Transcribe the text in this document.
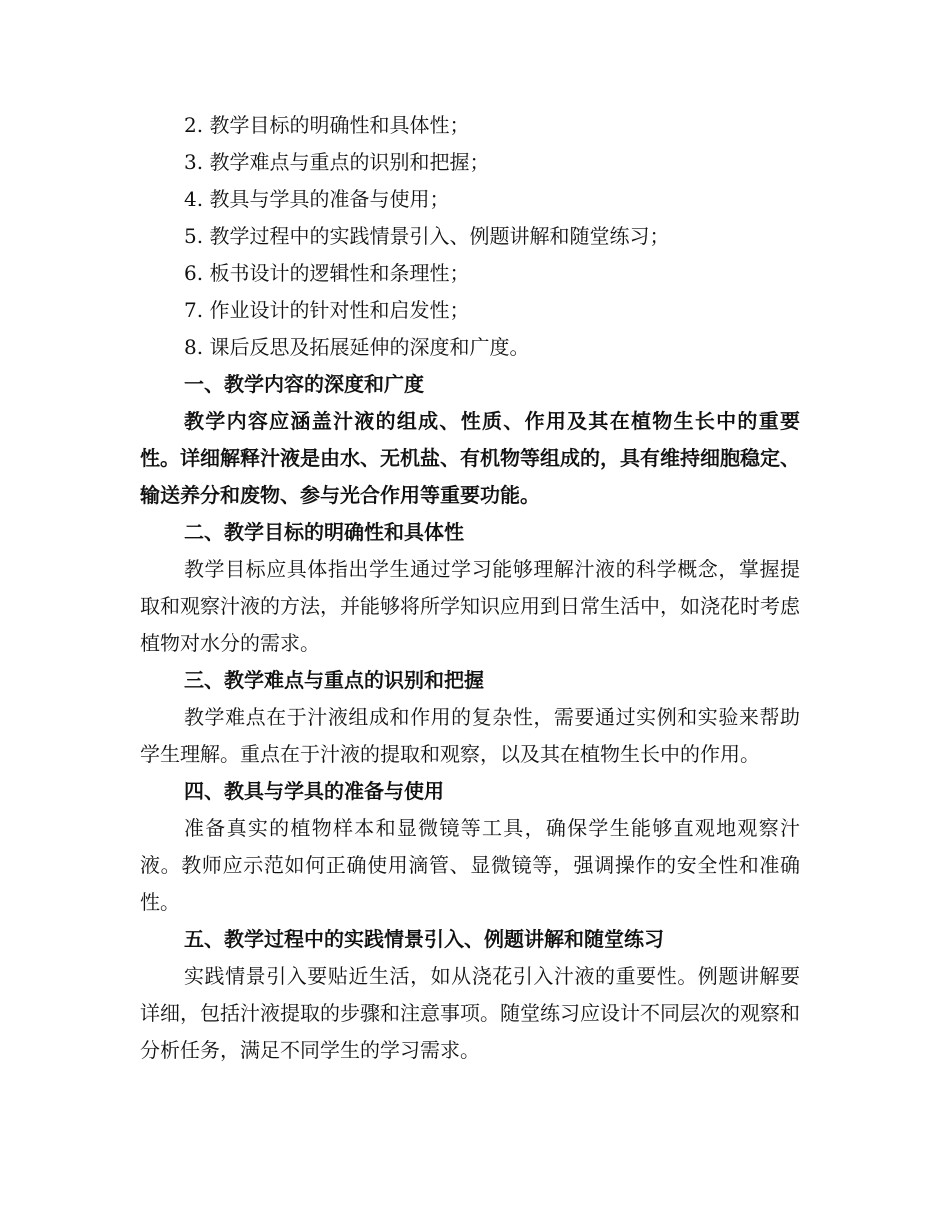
2. 教学目标的明确性和具体性；
3. 教学难点与重点的识别和把握；
4. 教具与学具的准备与使用；
5. 教学过程中的实践情景引入、例题讲解和随堂练习；
6. 板书设计的逻辑性和条理性；
7. 作业设计的针对性和启发性；
8. 课后反思及拓展延伸的深度和广度。
一、教学内容的深度和广度

教学内容应涵盖汁液的组成、性质、作用及其在植物生长中的重要性。详细解释汁液是由水、无机盐、有机物等组成的，具有维持细胞稳定、输送养分和废物、参与光合作用等重要功能。

二、教学目标的明确性和具体性

教学目标应具体指出学生通过学习能够理解汁液的科学概念，掌握提取和观察汁液的方法，并能够将所学知识应用到日常生活中，如浇花时考虑植物对水分的需求。

三、教学难点与重点的识别和把握

教学难点在于汁液组成和作用的复杂性，需要通过实例和实验来帮助学生理解。重点在于汁液的提取和观察，以及其在植物生长中的作用。

四、教具与学具的准备与使用

准备真实的植物样本和显微镜等工具，确保学生能够直观地观察汁液。教师应示范如何正确使用滴管、显微镜等，强调操作的安全性和准确性。

五、教学过程中的实践情景引入、例题讲解和随堂练习

实践情景引入要贴近生活，如从浇花引入汁液的重要性。例题讲解要详细，包括汁液提取的步骤和注意事项。随堂练习应设计不同层次的观察和分析任务，满足不同学生的学习需求。
